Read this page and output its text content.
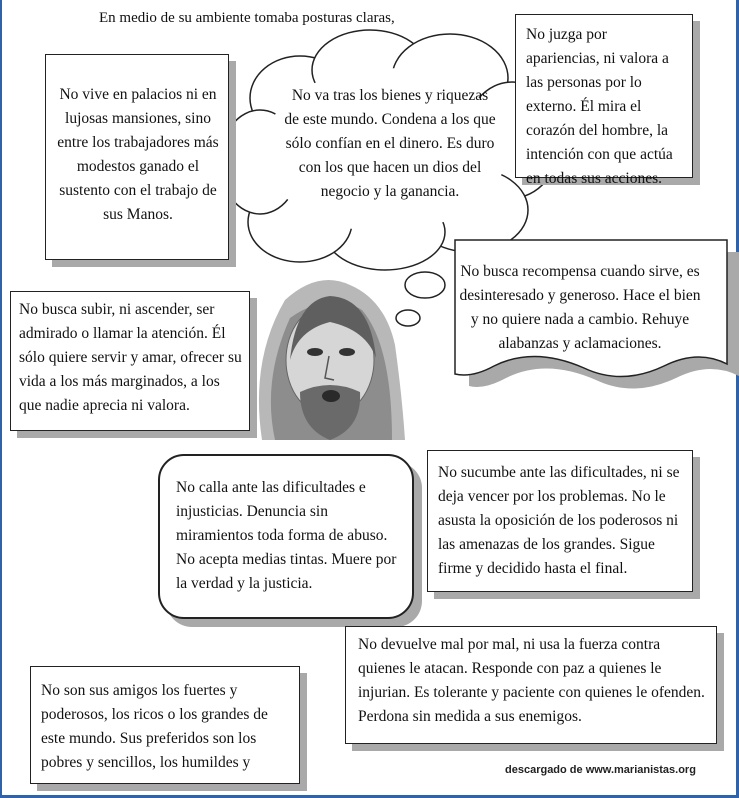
En medio de su ambiente tomaba posturas claras,
No vive en palacios ni en lujosas mansiones, sino entre los trabajadores más modestos ganado el sustento con el trabajo de sus Manos.
No va tras los bienes y riquezas de este mundo. Condena a los que sólo confían en el dinero. Es duro con los que hacen un dios del negocio y la ganancia.
No juzga por apariencias, ni valora a las personas por lo externo. Él mira el corazón del hombre, la intención con que actúa en todas sus acciones.
No busca subir, ni ascender, ser admirado o llamar la atención. Él sólo quiere servir y amar, ofrecer su vida a los más marginados, a los que nadie aprecia ni valora.
No busca recompensa cuando sirve, es desinteresado y generoso. Hace el bien y no quiere nada a cambio. Rehuye alabanzas y aclamaciones.
No calla ante las dificultades e injusticias. Denuncia sin miramientos toda forma de abuso. No acepta medias tintas. Muere por la verdad y la justicia.
No sucumbe ante las dificultades, ni se deja vencer por los problemas. No le asusta la oposición de los poderosos ni las amenazas de los grandes. Sigue firme y decidido hasta el final.
No devuelve mal por mal, ni usa la fuerza contra quienes le atacan. Responde con paz a quienes le injurian. Es tolerante y paciente con quienes le ofenden. Perdona sin medida a sus enemigos.
No son sus amigos los fuertes y poderosos, los ricos o los grandes de este mundo. Sus preferidos son los pobres y sencillos, los humildes y	descargado de www.marianistas.org
